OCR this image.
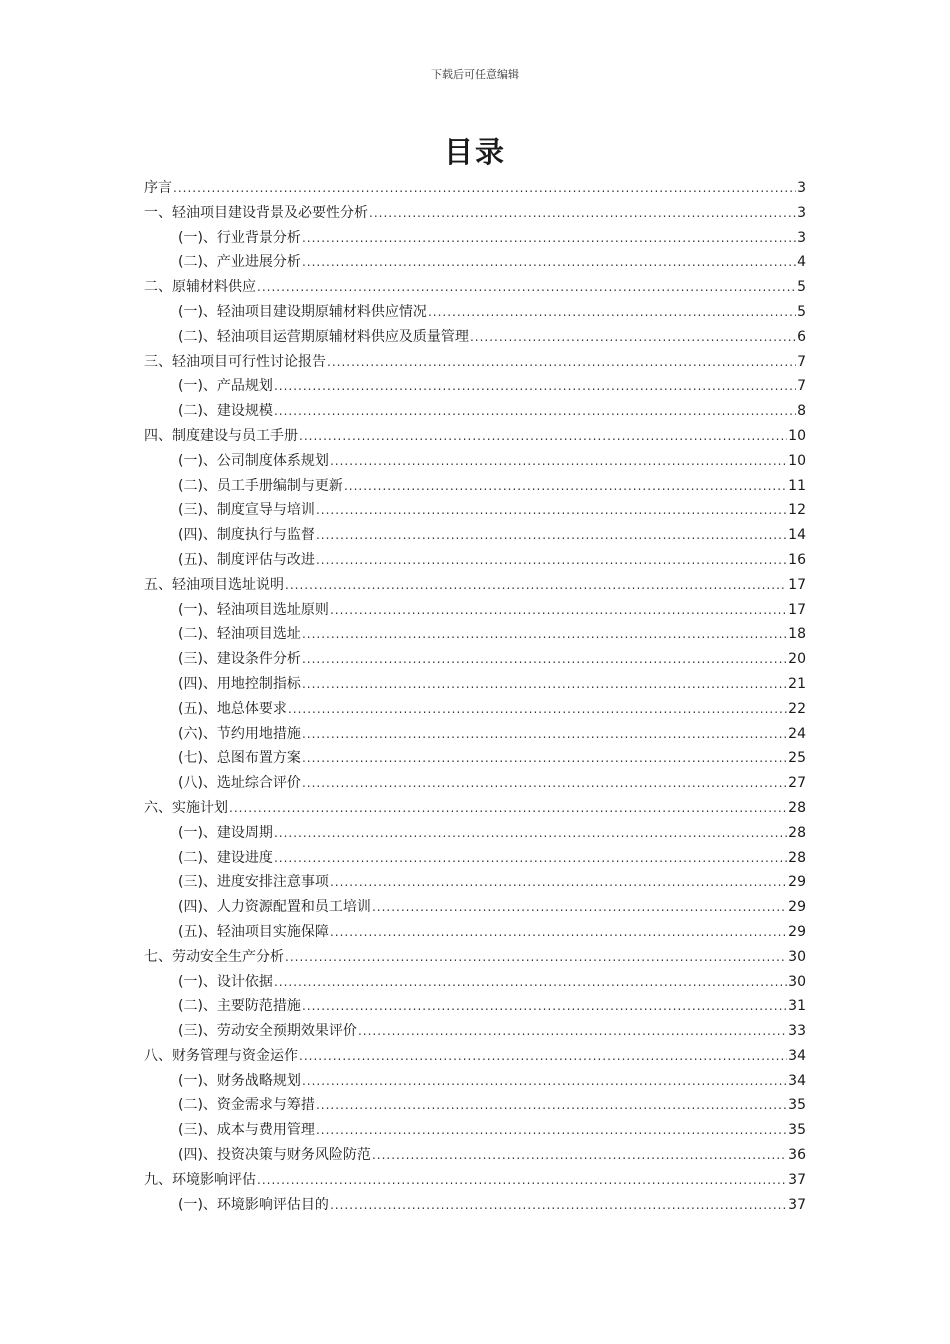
下载后可任意编辑
目录
序言 .....	3
一、轻油项目建设背景及必要性分析 .....	3
(一)、行业背景分析 .....	3
(二)、产业进展分析 .....	4
二、原辅材料供应 .....	5
(一)、轻油项目建设期原辅材料供应情况 .....	5
(二)、轻油项目运营期原辅材料供应及质量管理 .....	6
三、轻油项目可行性讨论报告 .....	7
(一)、产品规划 .....	7
(二)、建设规模 .....	8
四、制度建设与员工手册 .....	10
(一)、公司制度体系规划 .....	10
(二)、员工手册编制与更新 .....	11
(三)、制度宣导与培训 .....	12
(四)、制度执行与监督 .....	14
(五)、制度评估与改进 .....	16
五、轻油项目选址说明 .....	17
(一)、轻油项目选址原则 .....	17
(二)、轻油项目选址 .....	18
(三)、建设条件分析 .....	20
(四)、用地控制指标 .....	21
(五)、地总体要求 .....	22
(六)、节约用地措施 .....	24
(七)、总图布置方案 .....	25
(八)、选址综合评价 .....	27
六、实施计划 .....	28
(一)、建设周期 .....	28
(二)、建设进度 .....	28
(三)、进度安排注意事项 .....	29
(四)、人力资源配置和员工培训 .....	29
(五)、轻油项目实施保障 .....	29
七、劳动安全生产分析 .....	30
(一)、设计依据 .....	30
(二)、主要防范措施 .....	31
(三)、劳动安全预期效果评价 .....	33
八、财务管理与资金运作 .....	34
(一)、财务战略规划 .....	34
(二)、资金需求与筹措 .....	35
(三)、成本与费用管理 .....	35
(四)、投资决策与财务风险防范 .....	36
九、环境影响评估 .....	37
(一)、环境影响评估目的 .....	37
